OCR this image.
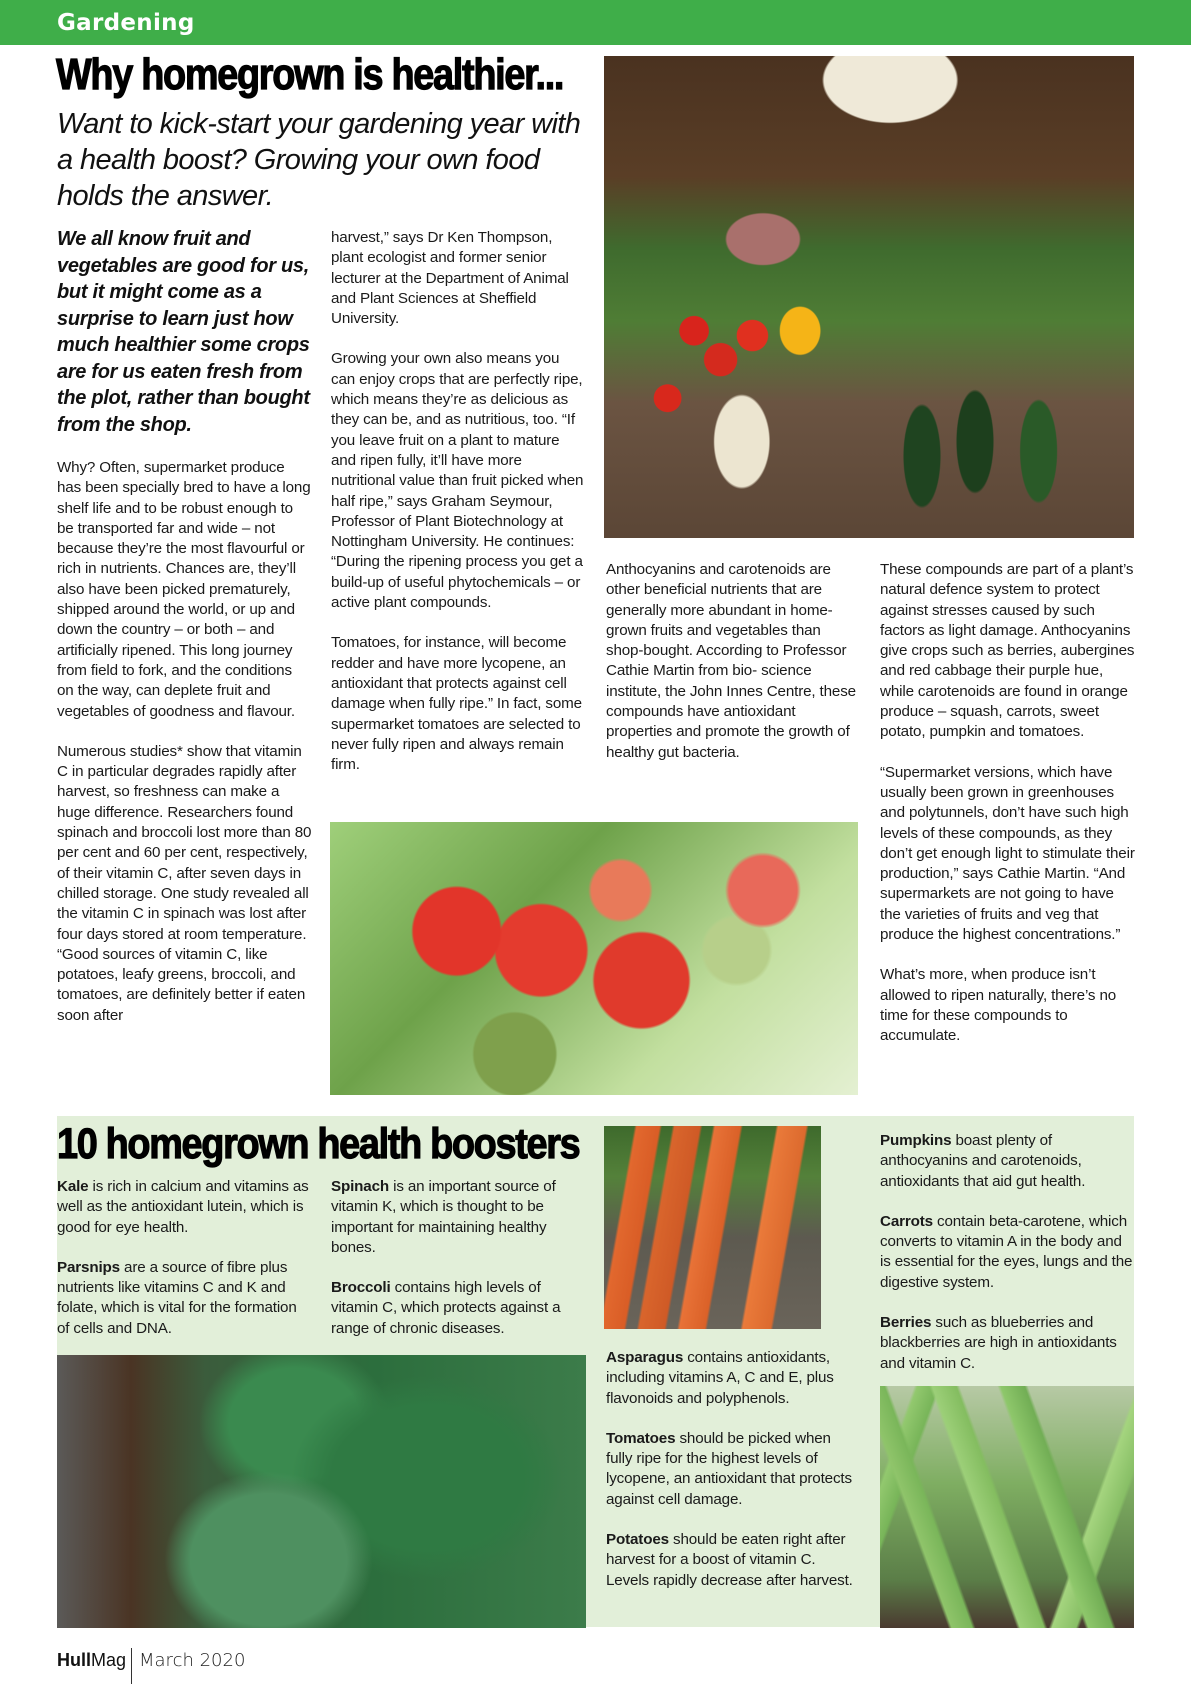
Gardening
Why homegrown is healthier...
Want to kick-start your gardening year with a health boost? Growing your own food holds the answer.
We all know fruit and vegetables are good for us, but it might come as a surprise to learn just how much healthier some crops are for us eaten fresh from the plot, rather than bought from the shop.

Why? Often, supermarket produce has been specially bred to have a long shelf life and to be robust enough to be transported far and wide – not because they’re the most flavourful or rich in nutrients. Chances are, they’ll also have been picked prematurely, shipped around the world, or up and down the country – or both – and artificially ripened. This long journey from field to fork, and the conditions on the way, can deplete fruit and vegetables of goodness and flavour.

Numerous studies* show that vitamin C in particular degrades rapidly after harvest, so freshness can make a huge difference. Researchers found spinach and broccoli lost more than 80 per cent and 60 per cent, respectively, of their vitamin C, after seven days in chilled storage. One study revealed all the vitamin C in spinach was lost after four days stored at room temperature. “Good sources of vitamin C, like potatoes, leafy greens, broccoli, and tomatoes, are definitely better if eaten soon after

harvest,” says Dr Ken Thompson, plant ecologist and former senior lecturer at the Department of Animal and Plant Sciences at Sheffield University.

Growing your own also means you can enjoy crops that are perfectly ripe, which means they’re as delicious as they can be, and as nutritious, too. “If you leave fruit on a plant to mature and ripen fully, it’ll have more nutritional value than fruit picked when half ripe,” says Graham Seymour, Professor of Plant Biotechnology at Nottingham University. He continues: “During the ripening process you get a build-up of useful phytochemicals – or active plant compounds.

Tomatoes, for instance, will become redder and have more lycopene, an antioxidant that protects against cell damage when fully ripe.” In fact, some supermarket tomatoes are selected to never fully ripen and always remain firm.

Anthocyanins and carotenoids are other beneficial nutrients that are generally more abundant in home-grown fruits and vegetables than shop-bought. According to Professor Cathie Martin from bio- science institute, the John Innes Centre, these compounds have antioxidant properties and promote the growth of healthy gut bacteria.

These compounds are part of a plant’s natural defence system to protect against stresses caused by such factors as light damage. Anthocyanins give crops such as berries, aubergines and red cabbage their purple hue, while carotenoids are found in orange produce – squash, carrots, sweet potato, pumpkin and tomatoes.

“Supermarket versions, which have usually been grown in greenhouses and polytunnels, don’t have such high levels of these compounds, as they don’t get enough light to stimulate their production,” says Cathie Martin. “And supermarkets are not going to have the varieties of fruits and veg that produce the highest concentrations.”

What’s more, when produce isn’t allowed to ripen naturally, there’s no time for these compounds to accumulate.

10 homegrown health boosters

Kale is rich in calcium and vitamins as well as the antioxidant lutein, which is good for eye health.

Parsnips are a source of fibre plus nutrients like vitamins C and K and folate, which is vital for the formation of cells and DNA.

Spinach is an important source of vitamin K, which is thought to be important for maintaining healthy bones.

Broccoli contains high levels of vitamin C, which protects against a range of chronic diseases.

Asparagus contains antioxidants, including vitamins A, C and E, plus flavonoids and polyphenols.

Tomatoes should be picked when fully ripe for the highest levels of lycopene, an antioxidant that protects against cell damage.

Potatoes should be eaten right after harvest for a boost of vitamin C. Levels rapidly decrease after harvest.

Pumpkins boast plenty of anthocyanins and carotenoids, antioxidants that aid gut health.

Carrots contain beta-carotene, which converts to vitamin A in the body and is essential for the eyes, lungs and the digestive system.

Berries such as blueberries and blackberries are high in antioxidants and vitamin C.

HullMag March 2020
